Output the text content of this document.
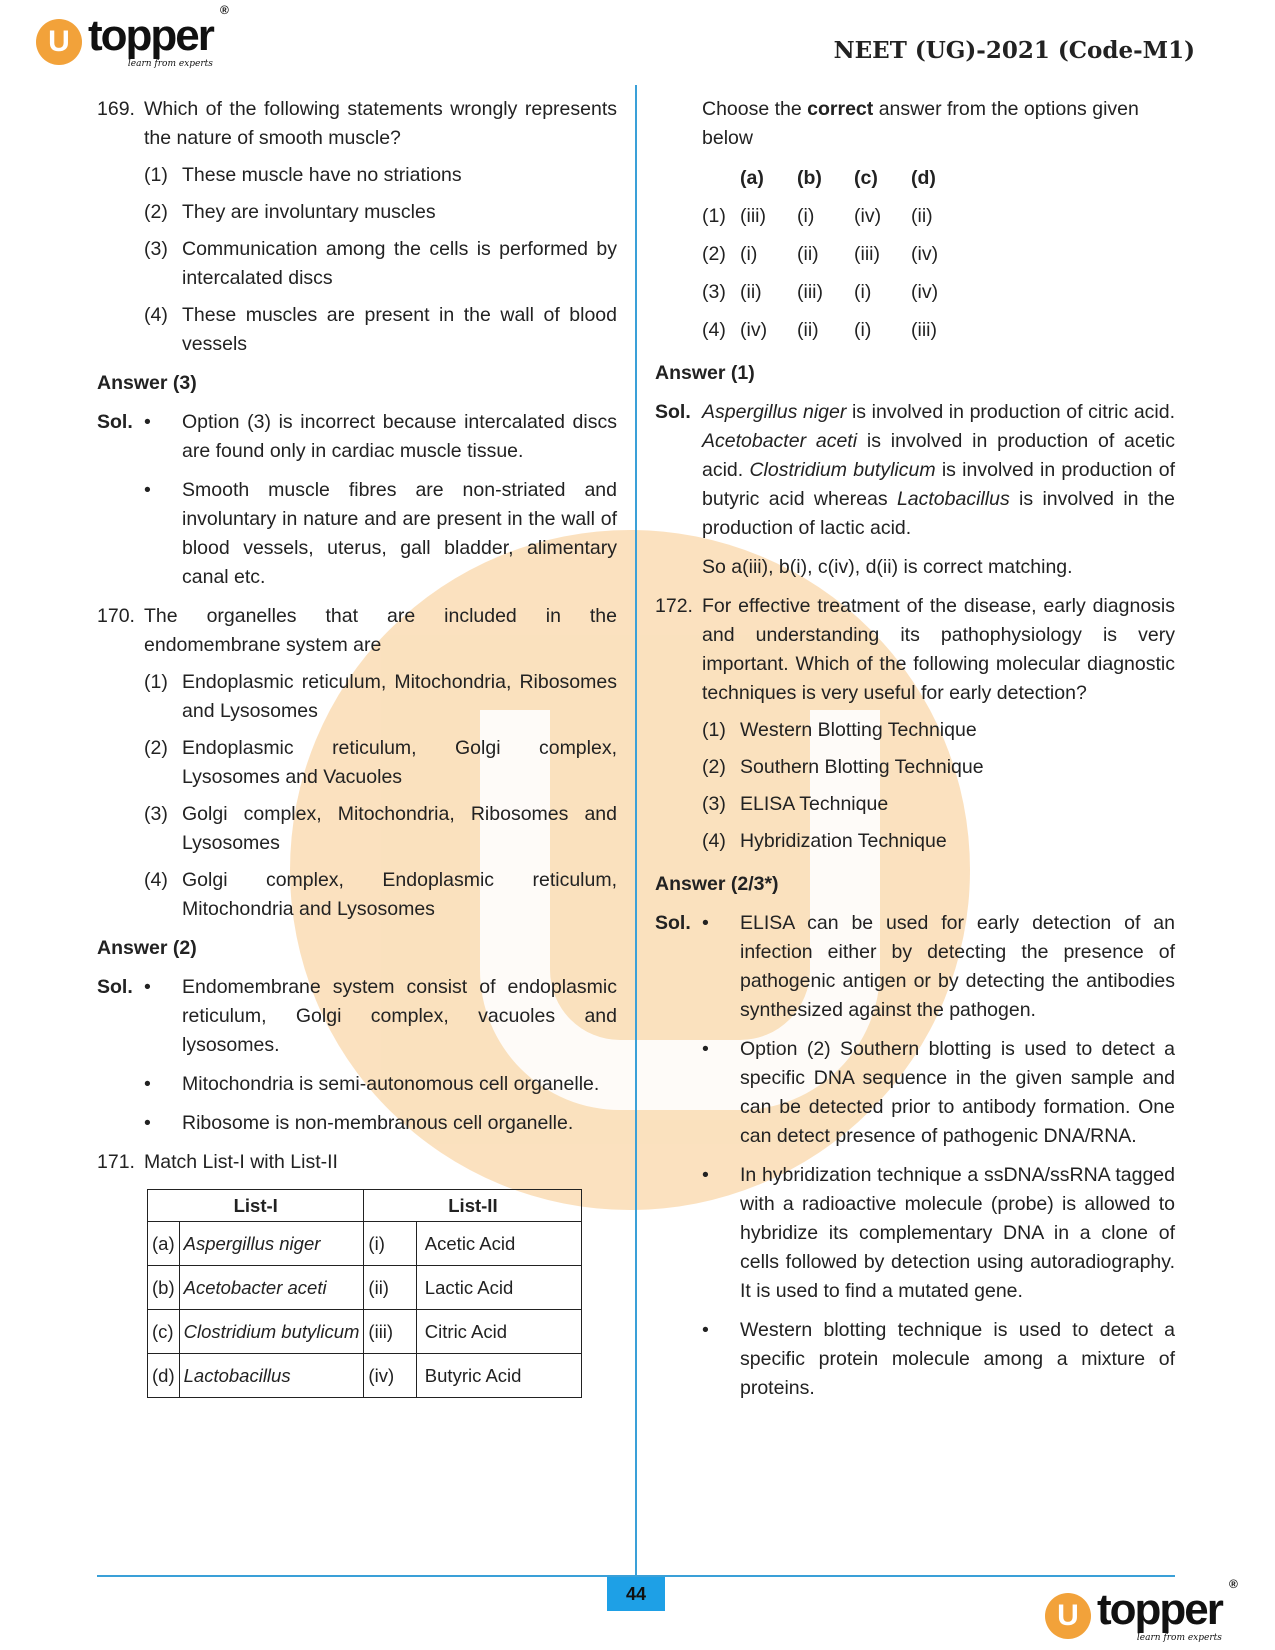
U topper
®
learn from experts	NEET (UG)-2021 (Code-M1)
169. Which of the following statements wrongly represents the nature of smooth muscle?
(1) These muscle have no striations
(2) They are involuntary muscles
(3) Communication among the cells is performed by intercalated discs
(4) These muscles are present in the wall of blood vessels
Answer (3)
Sol. •	Option (3) is incorrect because intercalated discs are found only in cardiac muscle tissue.
•	Smooth muscle fibres are non-striated and involuntary in nature and are present in the wall of blood vessels, uterus, gall bladder, alimentary canal etc.
170. The organelles that are included in the endomembrane system are
(1) Endoplasmic reticulum, Mitochondria, Ribosomes and Lysosomes
(2) Endoplasmic reticulum, Golgi complex, Lysosomes and Vacuoles
(3) Golgi complex, Mitochondria, Ribosomes and Lysosomes
(4) Golgi complex, Endoplasmic reticulum, Mitochondria and Lysosomes
Answer (2)
Sol. •	Endomembrane system consist of endoplasmic reticulum, Golgi complex, vacuoles and lysosomes.
•	Mitochondria is semi-autonomous cell organelle.
•	Ribosome is non-membranous cell organelle.
171. Match List-I with List-II
List-I		List-II	
(a)	Aspergillus niger	(i)	Acetic Acid
(b)	Acetobacter aceti	(ii)	Lactic Acid
(c)	Clostridium butylicum	(iii)	Citric Acid
(d)	Lactobacillus	(iv)	Butyric Acid
Choose the correct answer from the options given below
(a)	(b)	(c)	(d)
(1) (iii)	(i)	(iv)	(ii)
(2) (i)	(ii)	(iii)	(iv)
(3) (ii)	(iii)	(i)	(iv)
(4) (iv)	(ii)	(i)	(iii)
Answer (1)
Sol. Aspergillus niger is involved in production of citric acid. Acetobacter aceti is involved in production of acetic acid. Clostridium butylicum is involved in production of butyric acid whereas Lactobacillus is involved in the production of lactic acid.

So a(iii), b(i), c(iv), d(ii) is correct matching.
172. For effective treatment of the disease, early diagnosis and understanding its pathophysiology is very important. Which of the following molecular diagnostic techniques is very useful for early detection?
(1) Western Blotting Technique
(2) Southern Blotting Technique
(3) ELISA Technique
(4) Hybridization Technique
Answer (2/3*)
Sol. •	ELISA can be used for early detection of an infection either by detecting the presence of pathogenic antigen or by detecting the antibodies synthesized against the pathogen.
•	Option (2) Southern blotting is used to detect a specific DNA sequence in the given sample and can be detected prior to antibody formation. One can detect presence of pathogenic DNA/RNA.
•	In hybridization technique a ssDNA/ssRNA tagged with a radioactive molecule (probe) is allowed to hybridize its complementary DNA in a clone of cells followed by detection using autoradiography. It is used to find a mutated gene.
•	Western blotting technique is used to detect a specific protein molecule among a mixture of proteins.
44
U topper
®
learn from experts
